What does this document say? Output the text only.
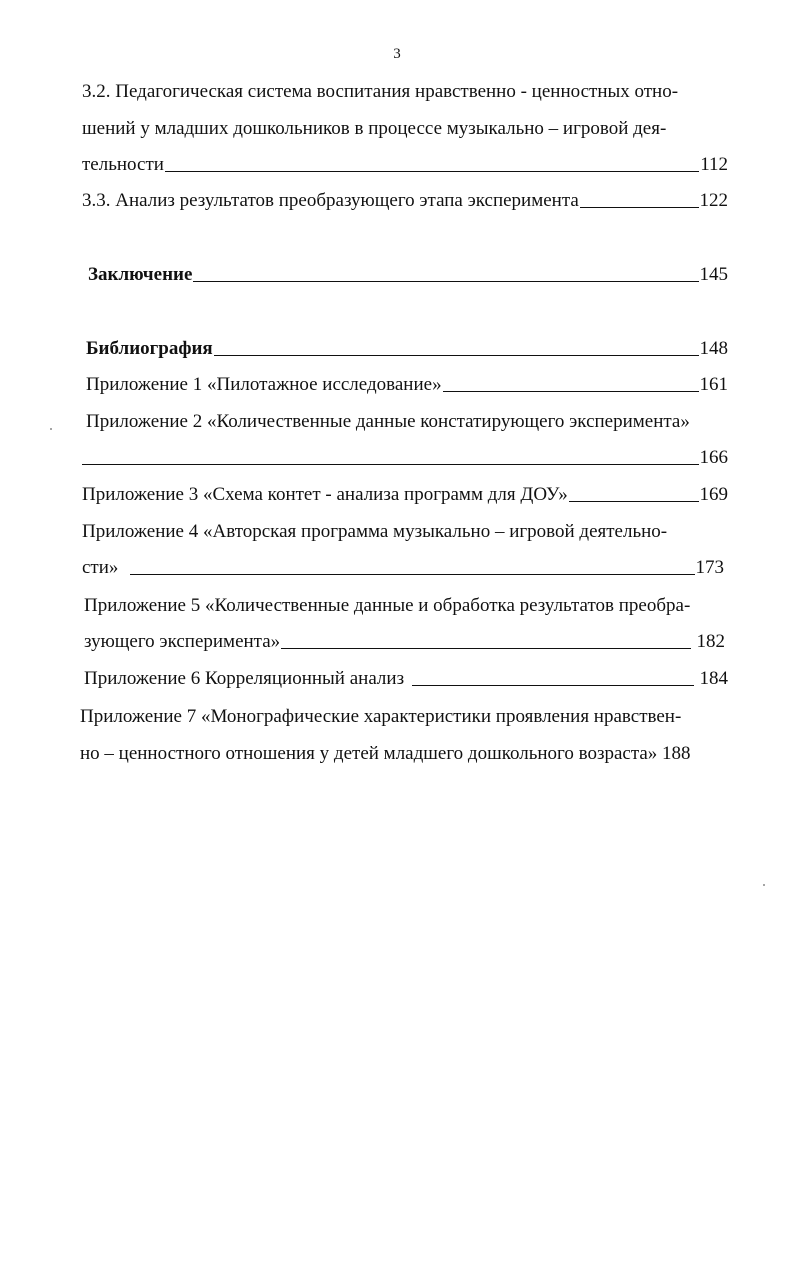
3
3.2. Педагогическая система воспитания нравственно - ценностных отно-
шений у младших дошкольников в процессе музыкально – игровой дея-
тельности	112
3.3. Анализ результатов преобразующего этапа эксперимента	122
Заключение	145
Библиография	148
Приложение 1 «Пилотажное исследование»	161
Приложение 2 «Количественные данные констатирующего эксперимента»
166
Приложение 3 «Схема контет - анализа программ для ДОУ»	169
Приложение 4 «Авторская программа музыкально – игровой деятельно-
сти»	173
Приложение 5 «Количественные данные и обработка результатов преобра-
зующего эксперимента»	182
Приложение 6 Корреляционный анализ	184
Приложение 7 «Монографические характеристики проявления нравствен-
но – ценностного отношения у детей младшего дошкольного возраста» 188
